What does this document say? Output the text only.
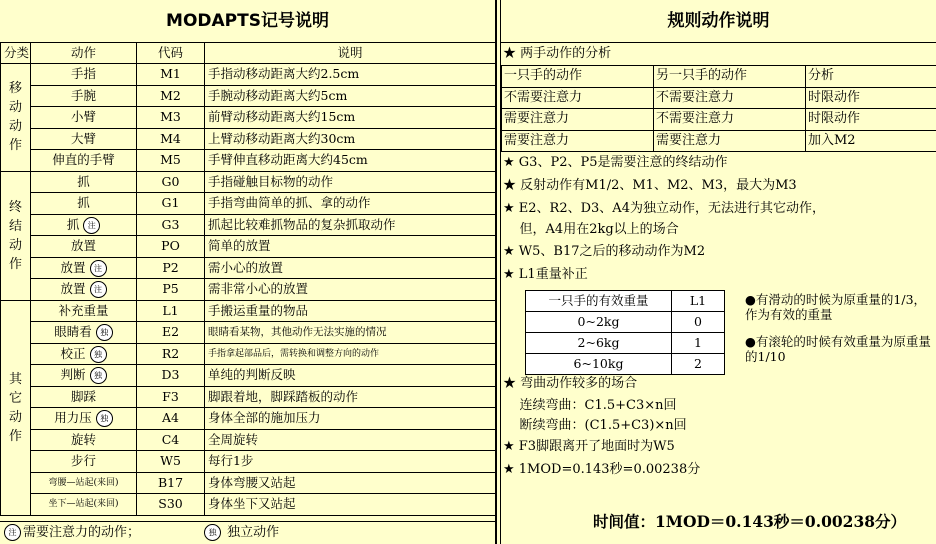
MODAPTS记号说明
分类	动作	代码	说明

移动动作	手指	M1	手指动移动距离大约2.5cm
	手腕	M2	手腕动移动距离大约5cm
	小臂	M3	前臂动移动距离大约15cm
	大臂	M4	上臂动移动距离大约30cm
	伸直的手臂	M5	手臂伸直移动距离大约45cm

终结动作	抓	G0	手指碰触目标物的动作
	抓	G1	手指弯曲简单的抓、拿的动作
	抓 注	G3	抓起比较难抓物品的复杂抓取动作
	放置	PO	简单的放置
	放置 注	P2	需小心的放置
	放置 注	P5	需非常小心的放置

其它动作	补充重量	L1	手搬运重量的物品
	眼睛看 独	E2	眼睛看某物，其他动作无法实施的情况
	校正 独	R2	手指拿起部品后，需转换和调整方向的动作
	判断 独	D3	单纯的判断反映
	脚踩	F3	脚跟着地，脚踩踏板的动作
	用力压 独	A4	身体全部的施加压力
	旋转	C4	全周旋转
	步行	W5	每行1步
	弯腰—站起(来回)	B17	身体弯腰又站起
	坐下—站起(来回)	S30	身体坐下又站起
注 需要注意力的动作；	独 独立动作
规则动作说明
★ 两手动作的分析
一只手的动作	另一只手的动作	分析
不需要注意力	不需要注意力	时限动作
需要注意力	不需要注意力	时限动作
需要注意力	需要注意力	加入M2
★ G3、P2、P5是需要注意的终结动作
★ 反射动作有M1/2、M1、M2、M3，最大为M3
★ E2、R2、D3、A4为独立动作，无法进行其它动作，
但，A4用在2kg以上的场合
★ W5、B17之后的移动动作为M2
★ L1重量补正
一只手的有效重量	L1
0~2kg	0
2~6kg	1
6~10kg	2
●有滑动的时候为原重量的1/3，作为有效的重量
●有滚轮的时候有效重量为原重量的1/10
★ 弯曲动作较多的场合
连续弯曲：C1.5+C3×n回
断续弯曲：(C1.5+C3)×n回
★ F3脚跟离开了地面时为W5
★ 1MOD=0.143秒=0.00238分
时间值：1MOD＝0.143秒＝0.00238分）
